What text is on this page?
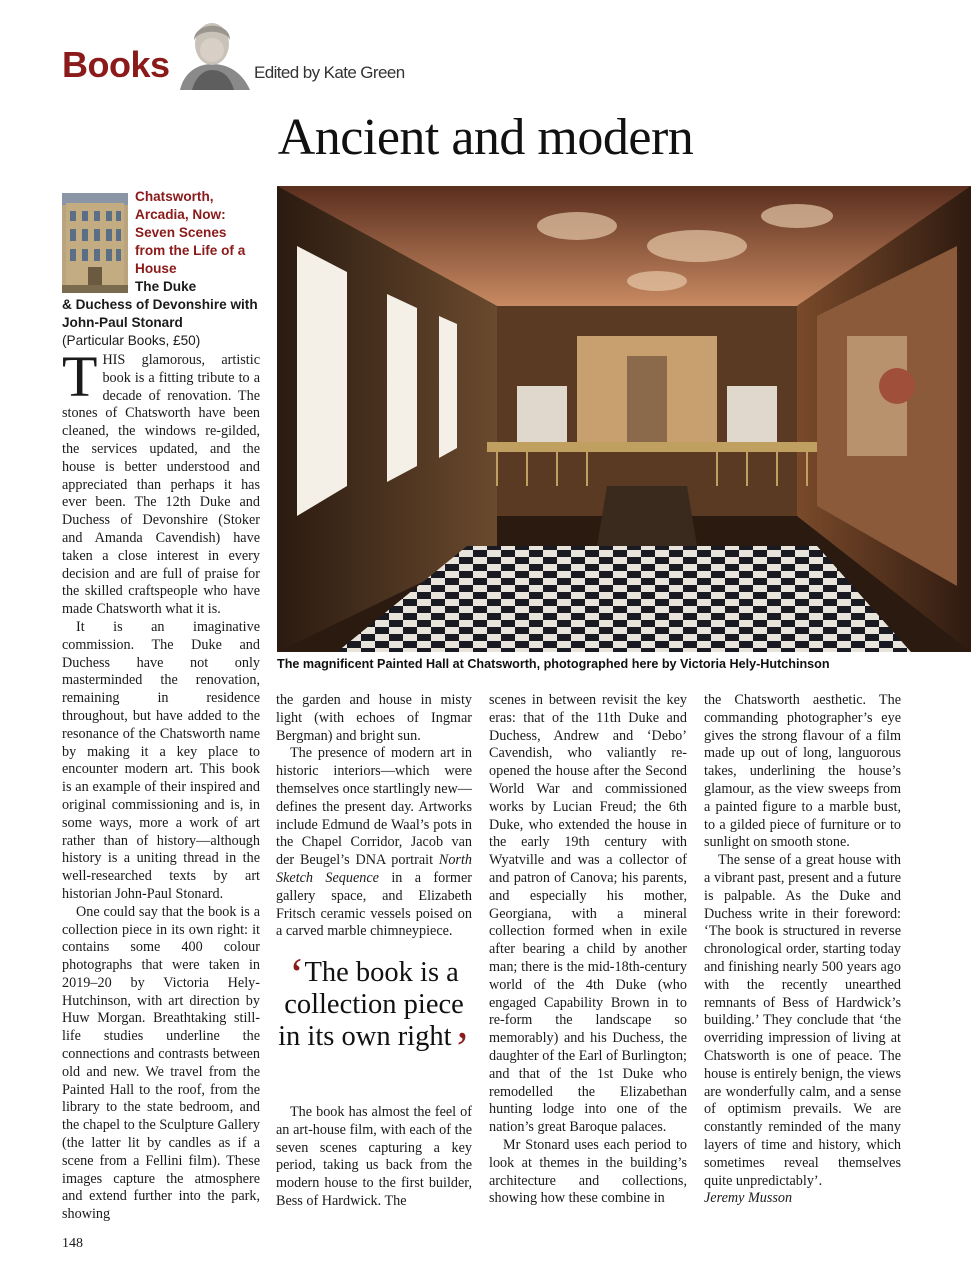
Books	Edited by Kate Green
Ancient and modern
Chatsworth, Arcadia, Now: Seven Scenes from the Life of a House
The Duke
& Duchess of Devonshire with John-Paul Stonard
(Particular Books, £50)

THIS glamorous, artistic book is a fitting tribute to a decade of renovation. The stones of Chatsworth have been cleaned, the windows re-gilded, the services updated, and the house is better understood and appreciated than perhaps it has ever been. The 12th Duke and Duchess of Devonshire (Stoker and Amanda Cavendish) have taken a close interest in every decision and are full of praise for the skilled craftspeople who have made Chatsworth what it is.

It is an imaginative commission. The Duke and Duchess have not only masterminded the renovation, remaining in residence throughout, but have added to the resonance of the Chatsworth name by making it a key place to encounter modern art. This book is an example of their inspired and original commissioning and is, in some ways, more a work of art rather than of history—although history is a uniting thread in the well-researched texts by art historian John-Paul Stonard.

One could say that the book is a collection piece in its own right: it contains some 400 colour photographs that were taken in 2019–20 by Victoria Hely-Hutchinson, with art direction by Huw Morgan. Breathtaking still-life studies underline the connections and contrasts between old and new. We travel from the Painted Hall to the roof, from the library to the state bedroom, and the chapel to the Sculpture Gallery (the latter lit by candles as if a scene from a Fellini film). These images capture the atmosphere and extend further into the park, showing

The magnificent Painted Hall at Chatsworth, photographed here by Victoria Hely-Hutchinson

the garden and house in misty light (with echoes of Ingmar Bergman) and bright sun.

The presence of modern art in historic interiors—which were themselves once startlingly new—defines the present day. Artworks include Edmund de Waal’s pots in the Chapel Corridor, Jacob van der Beugel’s DNA portrait North Sketch Sequence in a former gallery space, and Elizabeth Fritsch ceramic vessels poised on a carved marble chimneypiece.

‘The book is a collection piece in its own right’

The book has almost the feel of an art-house film, with each of the seven scenes capturing a key period, taking us back from the modern house to the first builder, Bess of Hardwick. The

scenes in between revisit the key eras: that of the 11th Duke and Duchess, Andrew and ‘Debo’ Cavendish, who valiantly re-opened the house after the Second World War and commissioned works by Lucian Freud; the 6th Duke, who extended the house in the early 19th century with Wyatville and was a collector of and patron of Canova; his parents, and especially his mother, Georgiana, with a mineral collection formed when in exile after bearing a child by another man; there is the mid-18th-century world of the 4th Duke (who engaged Capability Brown in to re-form the landscape so memorably) and his Duchess, the daughter of the Earl of Burlington; and that of the 1st Duke who remodelled the Elizabethan hunting lodge into one of the nation’s great Baroque palaces.

Mr Stonard uses each period to look at themes in the building’s architecture and collections, showing how these combine in

the Chatsworth aesthetic. The commanding photographer’s eye gives the strong flavour of a film made up out of long, languorous takes, underlining the house’s glamour, as the view sweeps from a painted figure to a marble bust, to a gilded piece of furniture or to sunlight on smooth stone.

The sense of a great house with a vibrant past, present and a future is palpable. As the Duke and Duchess write in their foreword: ‘The book is structured in reverse chronological order, starting today and finishing nearly 500 years ago with the recently unearthed remnants of Bess of Hardwick’s building.’ They conclude that ‘the overriding impression of living at Chatsworth is one of peace. The house is entirely benign, the views are wonderfully calm, and a sense of optimism prevails. We are constantly reminded of the many layers of time and history, which sometimes reveal themselves quite unpredictably’.

Jeremy Musson

148
